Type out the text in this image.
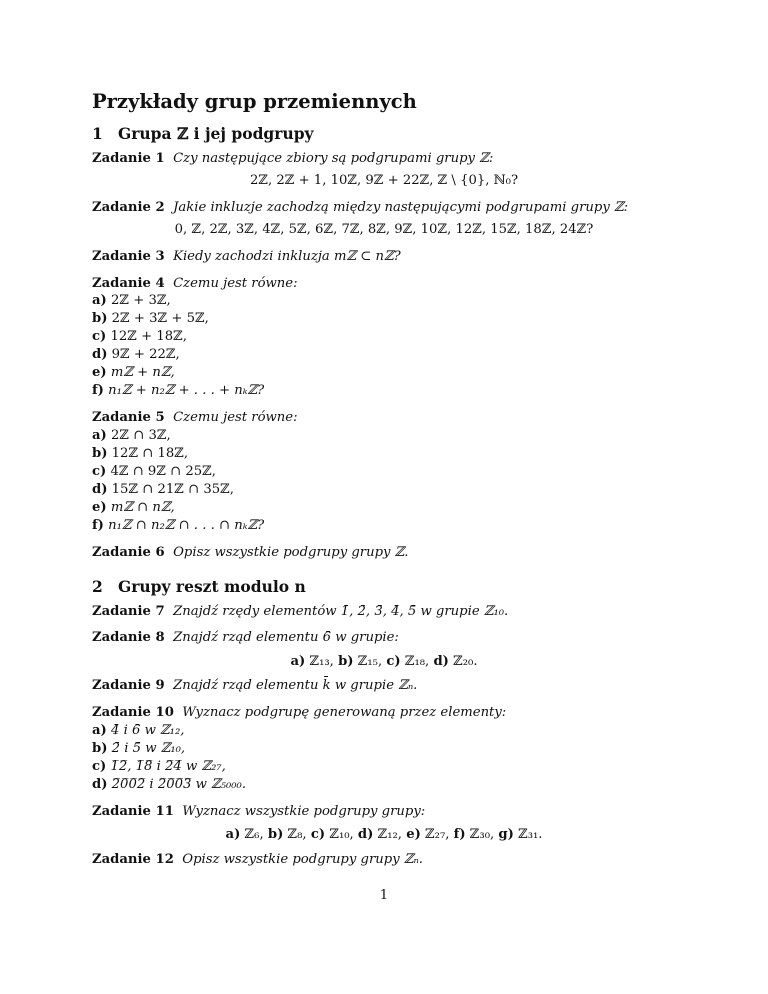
Przykłady grup przemiennych
1 Grupa ℤ i jej podgrupy
Zadanie 1 Czy następujące zbiory są podgrupami grupy ℤ:
2ℤ, 2ℤ + 1, 10ℤ, 9ℤ + 22ℤ, ℤ \ {0}, ℕ₀?
Zadanie 2 Jakie inkluzje zachodzą między następującymi podgrupami grupy ℤ:
0, ℤ, 2ℤ, 3ℤ, 4ℤ, 5ℤ, 6ℤ, 7ℤ, 8ℤ, 9ℤ, 10ℤ, 12ℤ, 15ℤ, 18ℤ, 24ℤ?
Zadanie 3 Kiedy zachodzi inkluzja mℤ ⊂ nℤ?
Zadanie 4 Czemu jest równe:
a) 2ℤ + 3ℤ,
b) 2ℤ + 3ℤ + 5ℤ,
c) 12ℤ + 18ℤ,
d) 9ℤ + 22ℤ,
e) mℤ + nℤ,
f) n₁ℤ + n₂ℤ + . . . + nₖℤ?
Zadanie 5 Czemu jest równe:
a) 2ℤ ∩ 3ℤ,
b) 12ℤ ∩ 18ℤ,
c) 4ℤ ∩ 9ℤ ∩ 25ℤ,
d) 15ℤ ∩ 21ℤ ∩ 35ℤ,
e) mℤ ∩ nℤ,
f) n₁ℤ ∩ n₂ℤ ∩ . . . ∩ nₖℤ?
Zadanie 6 Opisz wszystkie podgrupy grupy ℤ.
2 Grupy reszt modulo n
Zadanie 7 Znajdź rzędy elementów 1̄, 2̄, 3̄, 4̄, 5̄ w grupie ℤ₁₀.
Zadanie 8 Znajdź rząd elementu 6̄ w grupie:
a) ℤ₁₃, b) ℤ₁₅, c) ℤ₁₈, d) ℤ₂₀.
Zadanie 9 Znajdź rząd elementu k̄ w grupie ℤₙ.
Zadanie 10 Wyznacz podgrupę generowaną przez elementy:
a) 4̄ i 6̄ w ℤ₁₂,
b) 2̄ i 5̄ w ℤ₁₀,
c) 1̅2̅, 1̅8̅ i 2̅4̅ w ℤ₂₇,
d) 2̅0̅0̅2̅ i 2̅0̅0̅3̅ w ℤ₅₀₀₀.
Zadanie 11 Wyznacz wszystkie podgrupy grupy:
a) ℤ₆, b) ℤ₈, c) ℤ₁₀, d) ℤ₁₂, e) ℤ₂₇, f) ℤ₃₀, g) ℤ₃₁.
Zadanie 12 Opisz wszystkie podgrupy grupy ℤₙ.
1
